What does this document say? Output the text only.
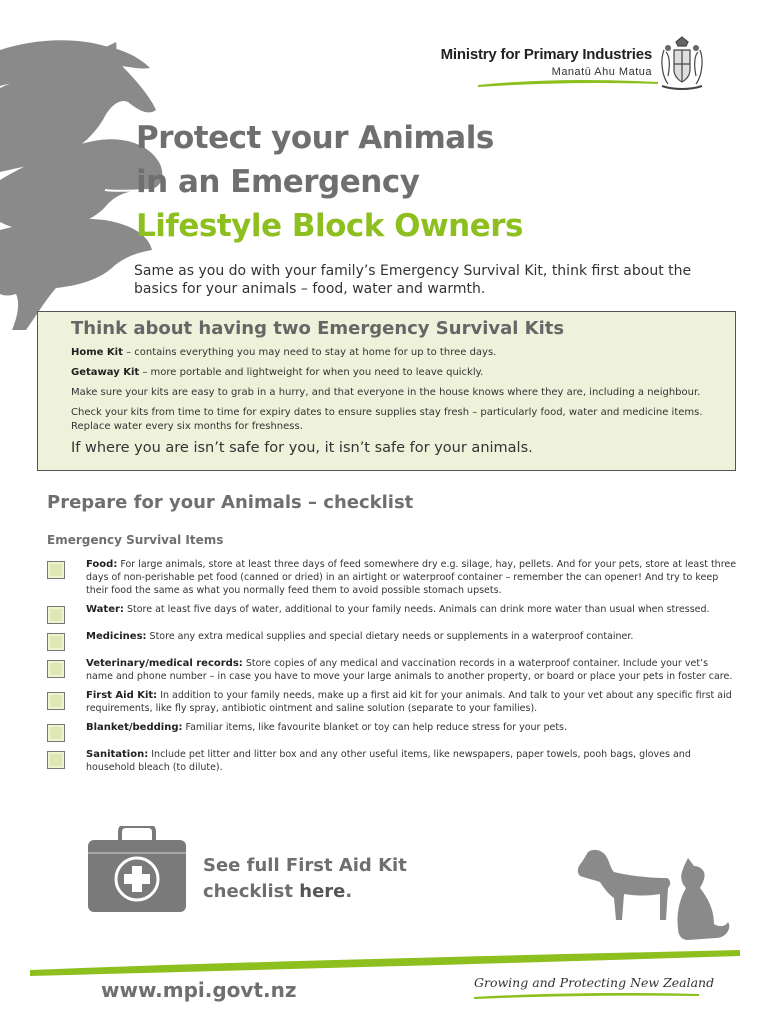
Ministry for Primary Industries
Manatū Ahu Matua
Protect your Animals
in an Emergency
Lifestyle Block Owners
Same as you do with your family’s Emergency Survival Kit, think first about the basics for your animals – food, water and warmth.
Think about having two Emergency Survival Kits
Home Kit – contains everything you may need to stay at home for up to three days.
Getaway Kit – more portable and lightweight for when you need to leave quickly.
Make sure your kits are easy to grab in a hurry, and that everyone in the house knows where they are, including a neighbour.
Check your kits from time to time for expiry dates to ensure supplies stay fresh – particularly food, water and medicine items. Replace water every six months for freshness.
If where you are isn’t safe for you, it isn’t safe for your animals.
Prepare for your Animals – checklist
Emergency Survival Items
Food: For large animals, store at least three days of feed somewhere dry e.g. silage, hay, pellets. And for your pets, store at least three days of non-perishable pet food (canned or dried) in an airtight or waterproof container – remember the can opener! And try to keep their food the same as what you normally feed them to avoid possible stomach upsets.
Water: Store at least five days of water, additional to your family needs. Animals can drink more water than usual when stressed.
Medicines: Store any extra medical supplies and special dietary needs or supplements in a waterproof container.
Veterinary/medical records: Store copies of any medical and vaccination records in a waterproof container. Include your vet’s name and phone number – in case you have to move your large animals to another property, or board or place your pets in foster care.
First Aid Kit: In addition to your family needs, make up a first aid kit for your animals. And talk to your vet about any specific first aid requirements, like fly spray, antibiotic ointment and saline solution (separate to your families).
Blanket/bedding: Familiar items, like favourite blanket or toy can help reduce stress for your pets.
Sanitation: Include pet litter and litter box and any other useful items, like newspapers, paper towels, pooh bags, gloves and household bleach (to dilute).
See full First Aid Kit
checklist here.
www.mpi.govt.nz	Growing and Protecting New Zealand
